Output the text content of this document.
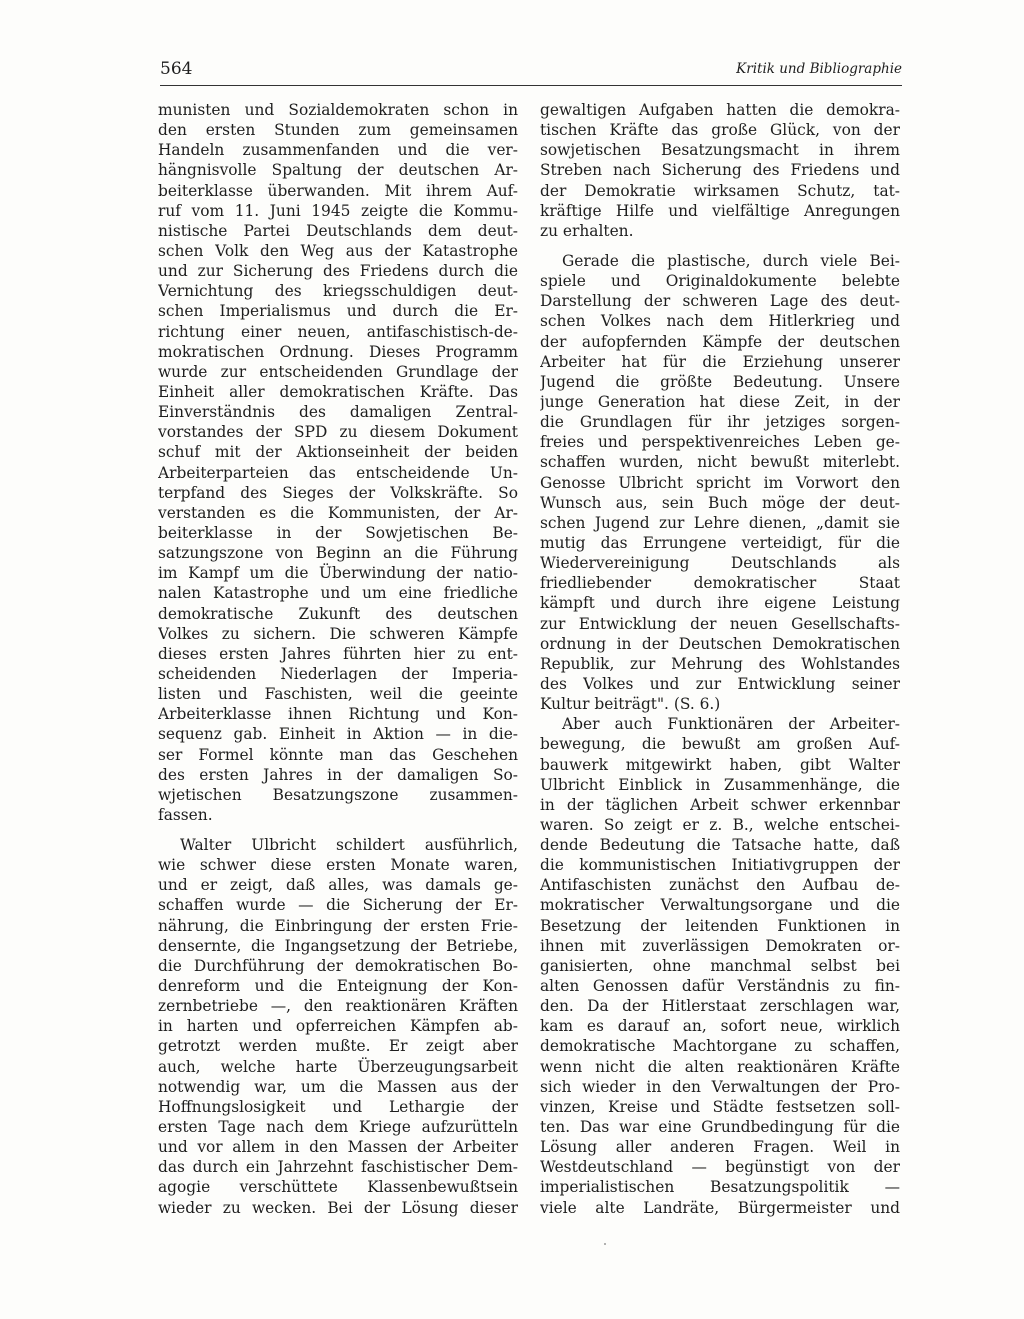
564	Kritik und Bibliographie
munisten und Sozialdemokraten schon in
den ersten Stunden zum gemeinsamen
Handeln zusammenfanden und die ver-
hängnisvolle Spaltung der deutschen Ar-
beiterklasse überwanden. Mit ihrem Auf-
ruf vom 11. Juni 1945 zeigte die Kommu-
nistische Partei Deutschlands dem deut-
schen Volk den Weg aus der Katastrophe
und zur Sicherung des Friedens durch die
Vernichtung des kriegsschuldigen deut-
schen Imperialismus und durch die Er-
richtung einer neuen, antifaschistisch-de-
mokratischen Ordnung. Dieses Programm
wurde zur entscheidenden Grundlage der
Einheit aller demokratischen Kräfte. Das
Einverständnis des damaligen Zentral-
vorstandes der SPD zu diesem Dokument
schuf mit der Aktionseinheit der beiden
Arbeiterparteien das entscheidende Un-
terpfand des Sieges der Volkskräfte. So
verstanden es die Kommunisten, der Ar-
beiterklasse in der Sowjetischen Be-
satzungszone von Beginn an die Führung
im Kampf um die Überwindung der natio-
nalen Katastrophe und um eine friedliche
demokratische Zukunft des deutschen
Volkes zu sichern. Die schweren Kämpfe
dieses ersten Jahres führten hier zu ent-
scheidenden Niederlagen der Imperia-
listen und Faschisten, weil die geeinte
Arbeiterklasse ihnen Richtung und Kon-
sequenz gab. Einheit in Aktion — in die-
ser Formel könnte man das Geschehen
des ersten Jahres in der damaligen So-
wjetischen Besatzungszone zusammen-
fassen.
Walter Ulbricht schildert ausführlich,
wie schwer diese ersten Monate waren,
und er zeigt, daß alles, was damals ge-
schaffen wurde — die Sicherung der Er-
nährung, die Einbringung der ersten Frie-
densernte, die Ingangsetzung der Betriebe,
die Durchführung der demokratischen Bo-
denreform und die Enteignung der Kon-
zernbetriebe —, den reaktionären Kräften
in harten und opferreichen Kämpfen ab-
getrotzt werden mußte. Er zeigt aber
auch, welche harte Überzeugungsarbeit
notwendig war, um die Massen aus der
Hoffnungslosigkeit und Lethargie der
ersten Tage nach dem Kriege aufzurütteln
und vor allem in den Massen der Arbeiter
das durch ein Jahrzehnt faschistischer Dem-
agogie verschüttete Klassenbewußtsein
wieder zu wecken. Bei der Lösung dieser
gewaltigen Aufgaben hatten die demokra-
tischen Kräfte das große Glück, von der
sowjetischen Besatzungsmacht in ihrem
Streben nach Sicherung des Friedens und
der Demokratie wirksamen Schutz, tat-
kräftige Hilfe und vielfältige Anregungen
zu erhalten.
Gerade die plastische, durch viele Bei-
spiele und Originaldokumente belebte
Darstellung der schweren Lage des deut-
schen Volkes nach dem Hitlerkrieg und
der aufopfernden Kämpfe der deutschen
Arbeiter hat für die Erziehung unserer
Jugend die größte Bedeutung. Unsere
junge Generation hat diese Zeit, in der
die Grundlagen für ihr jetziges sorgen-
freies und perspektivenreiches Leben ge-
schaffen wurden, nicht bewußt miterlebt.
Genosse Ulbricht spricht im Vorwort den
Wunsch aus, sein Buch möge der deut-
schen Jugend zur Lehre dienen, „damit sie
mutig das Errungene verteidigt, für die
Wiedervereinigung Deutschlands als
friedliebender demokratischer Staat
kämpft und durch ihre eigene Leistung
zur Entwicklung der neuen Gesellschafts-
ordnung in der Deutschen Demokratischen
Republik, zur Mehrung des Wohlstandes
des Volkes und zur Entwicklung seiner
Kultur beiträgt". (S. 6.)
Aber auch Funktionären der Arbeiter-
bewegung, die bewußt am großen Auf-
bauwerk mitgewirkt haben, gibt Walter
Ulbricht Einblick in Zusammenhänge, die
in der täglichen Arbeit schwer erkennbar
waren. So zeigt er z. B., welche entschei-
dende Bedeutung die Tatsache hatte, daß
die kommunistischen Initiativgruppen der
Antifaschisten zunächst den Aufbau de-
mokratischer Verwaltungsorgane und die
Besetzung der leitenden Funktionen in
ihnen mit zuverlässigen Demokraten or-
ganisierten, ohne manchmal selbst bei
alten Genossen dafür Verständnis zu fin-
den. Da der Hitlerstaat zerschlagen war,
kam es darauf an, sofort neue, wirklich
demokratische Machtorgane zu schaffen,
wenn nicht die alten reaktionären Kräfte
sich wieder in den Verwaltungen der Pro-
vinzen, Kreise und Städte festsetzen soll-
ten. Das war eine Grundbedingung für die
Lösung aller anderen Fragen. Weil in
Westdeutschland — begünstigt von der
imperialistischen Besatzungspolitik —
viele alte Landräte, Bürgermeister und
